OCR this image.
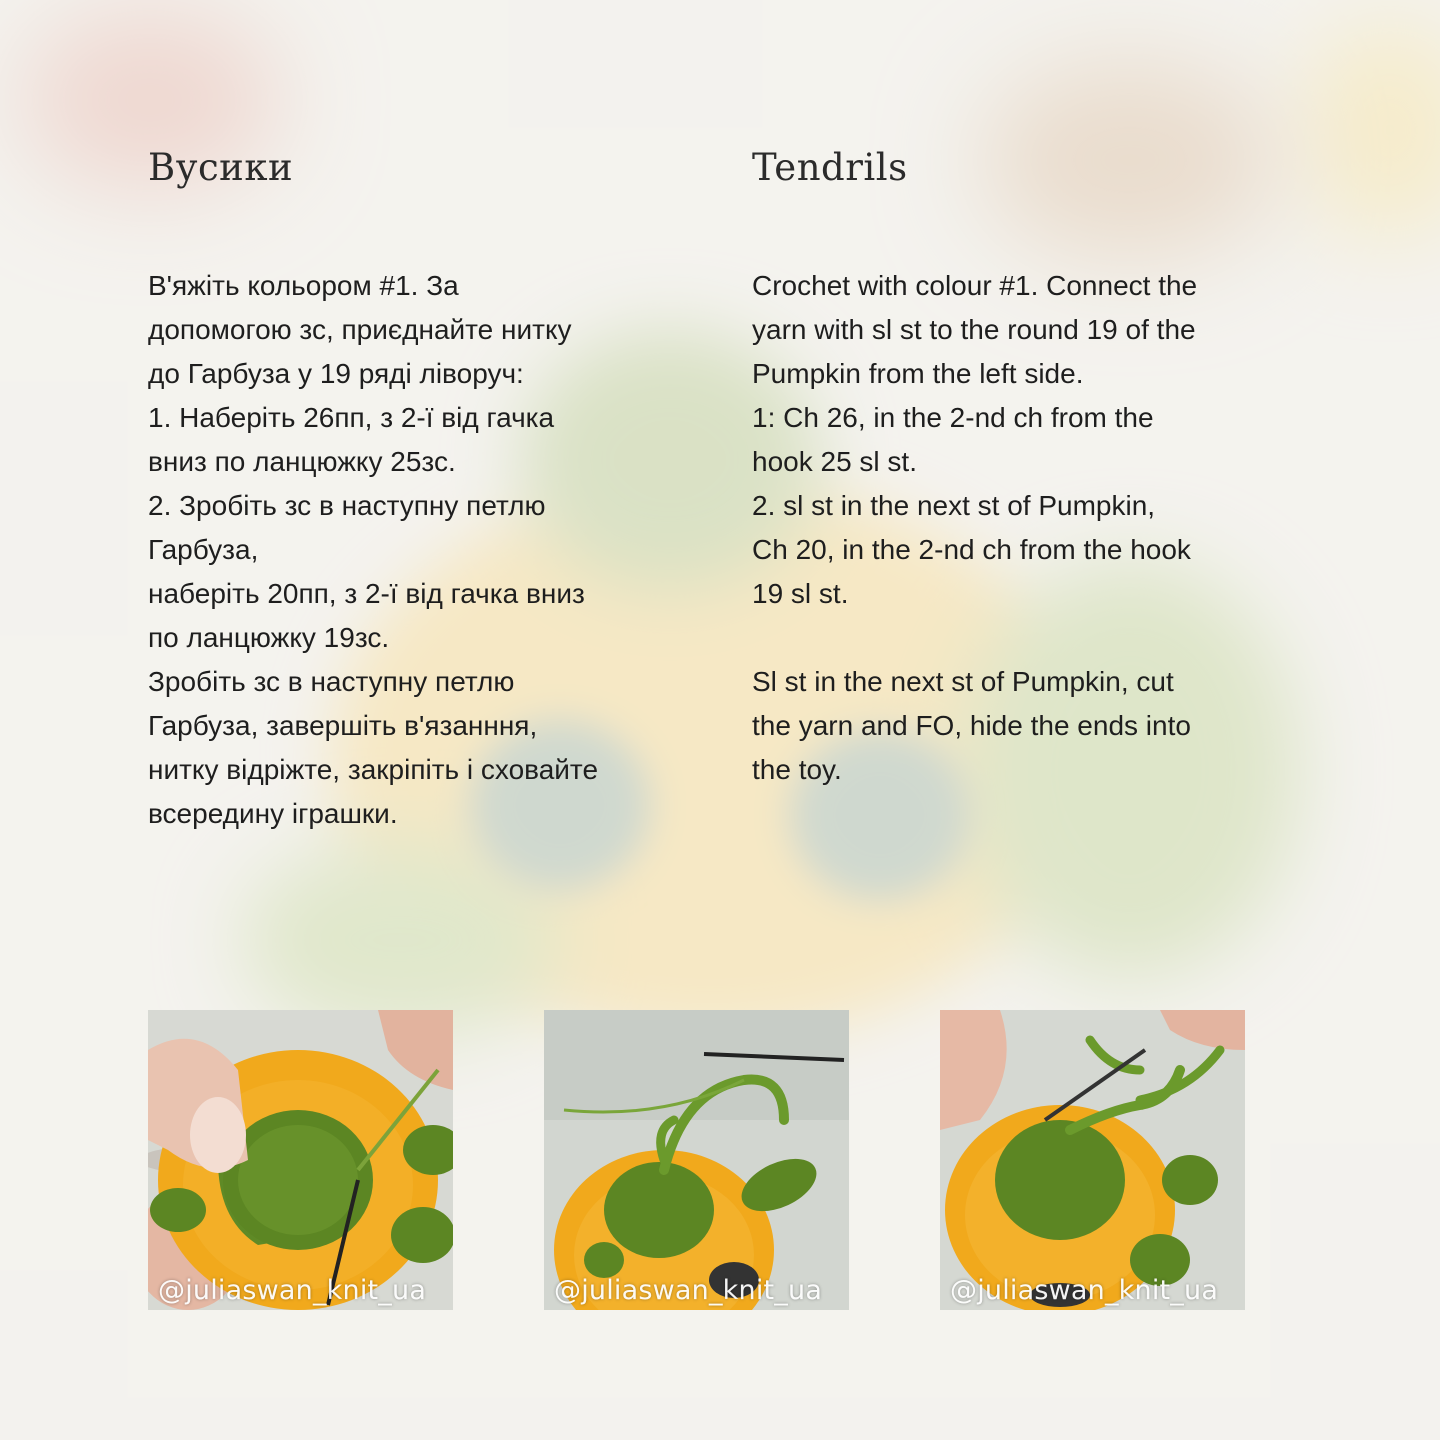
Вусики
В'яжіть кольором #1. За
допомогою зс, приєднайте нитку
до Гарбуза у 19 ряді ліворуч:
1. Наберіть 26пп, з 2-ї від гачка
вниз по ланцюжку 25зс.
2. Зробіть зс в наступну петлю
Гарбуза,
наберіть 20пп, з 2-ї від гачка вниз
по ланцюжку 19зс.
Зробіть зс в наступну петлю
Гарбуза, завершіть в'язанння,
нитку відріжте, закріпіть і сховайте
всередину іграшки.
Tendrils
Crochet with colour #1. Connect the
yarn with sl st to the round 19 of the
Pumpkin from the left side.
1: Ch 26, in the 2-nd ch from the
hook 25 sl st.
2. sl st in the next st of Pumpkin,
Ch 20, in the 2-nd ch from the hook
19 sl st.
Sl st in the next st of Pumpkin, cut
the yarn and FO, hide the ends into
the toy.
@juliaswan_knit_ua	@juliaswan_knit_ua	@juliaswan_knit_ua
